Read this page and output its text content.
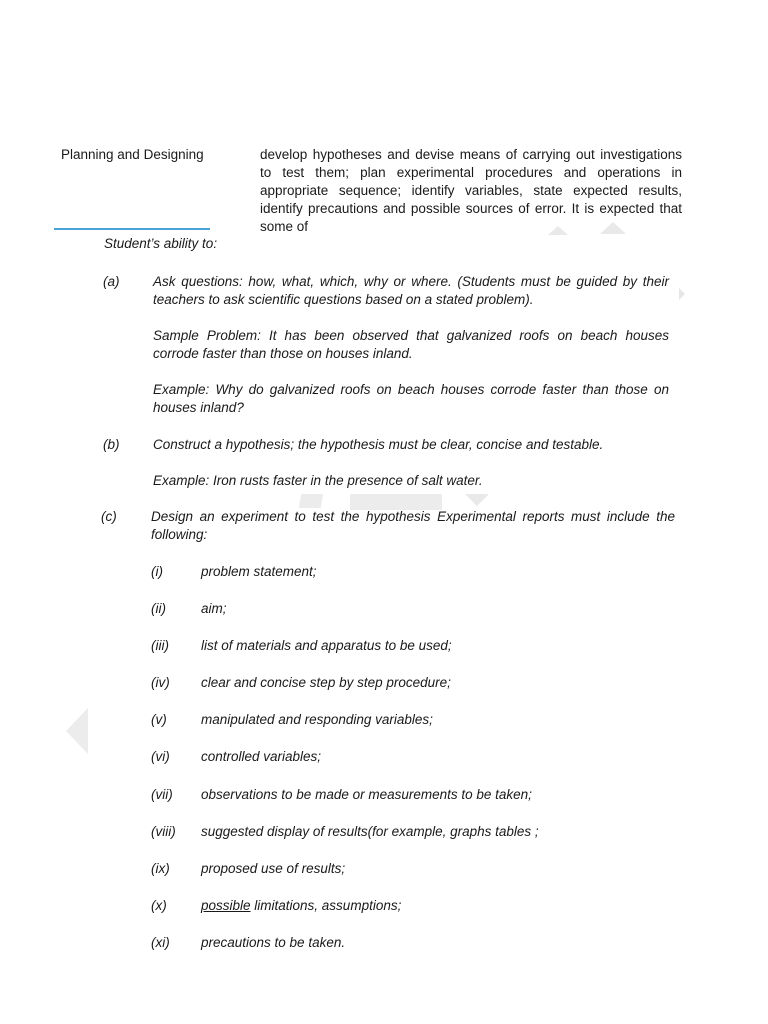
Planning and Designing	develop hypotheses and devise means of carrying out investigations to test them; plan experimental procedures and operations in appropriate sequence; identify variables, state expected results, identify precautions and possible sources of error. It is expected that some of
Student’s ability to:
(a) Ask questions: how, what, which, why or where. (Students must be guided by their teachers to ask scientific questions based on a stated problem).
Sample Problem: It has been observed that galvanized roofs on beach houses corrode faster than those on houses inland.
Example: Why do galvanized roofs on beach houses corrode faster than those on houses inland?
(b) Construct a hypothesis; the hypothesis must be clear, concise and testable.
Example: Iron rusts faster in the presence of salt water.
(c)	Design an experiment to test the hypothesis Experimental reports must include the following:
(i)	problem statement;
(ii)	aim;
(iii) list of materials and apparatus to be used;
(iv) clear and concise step by step procedure;
(v)	manipulated and responding variables;
(vi) controlled variables;
(vii) observations to be made or measurements to be taken;
(viii) suggested display of results(for example, graphs tables ;
(ix) proposed use of results;
(x)	possible limitations, assumptions;
(xi) precautions to be taken.
